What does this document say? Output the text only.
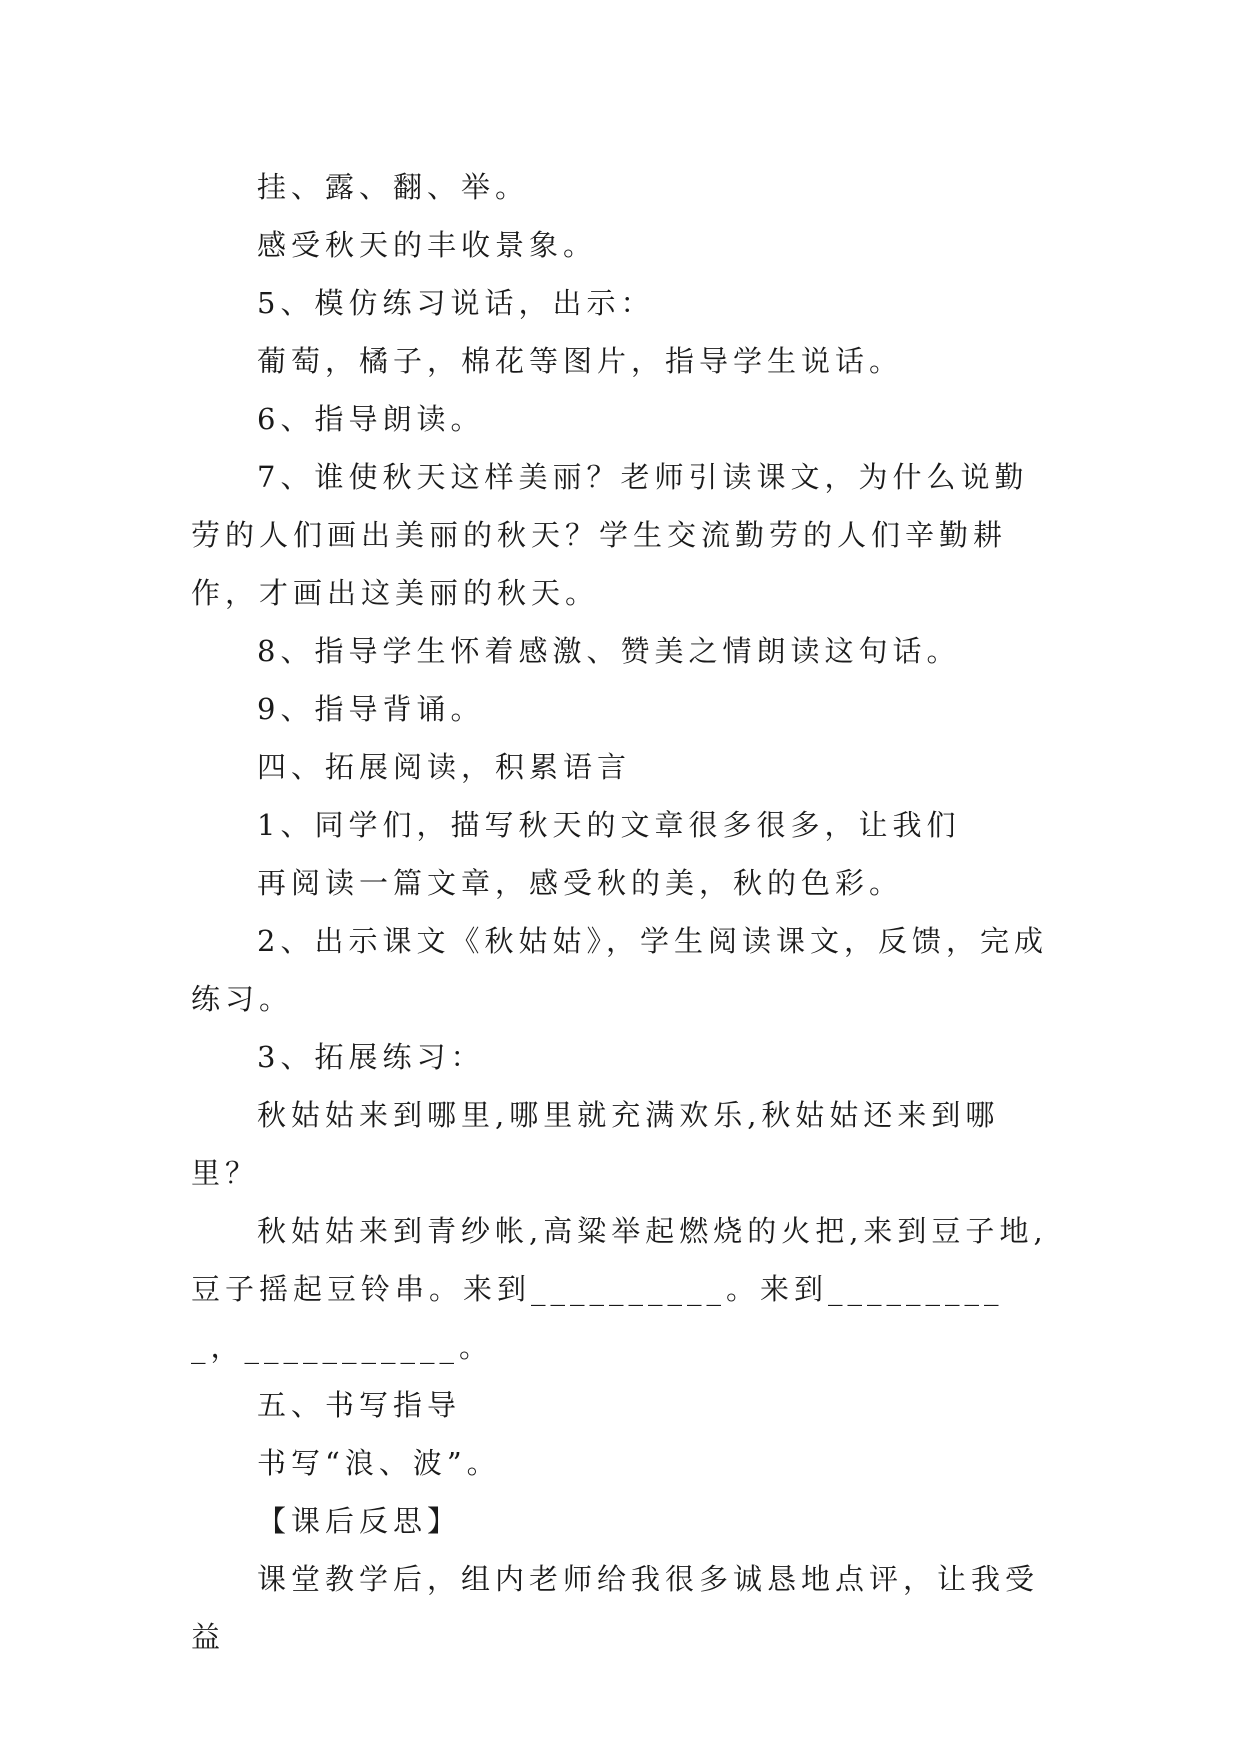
挂、露、翻、举。

感受秋天的丰收景象。

5、模仿练习说话，出示：

葡萄，橘子，棉花等图片，指导学生说话。

6、指导朗读。

7、谁使秋天这样美丽？老师引读课文，为什么说勤劳的人们画出美丽的秋天？学生交流勤劳的人们辛勤耕作，才画出这美丽的秋天。

8、指导学生怀着感激、赞美之情朗读这句话。

9、指导背诵。

四、拓展阅读，积累语言

1、同学们，描写秋天的文章很多很多，让我们

再阅读一篇文章，感受秋的美，秋的色彩。

2、出示课文《秋姑姑》，学生阅读课文，反馈，完成练习。

3、拓展练习：

秋姑姑来到哪里,哪里就充满欢乐,秋姑姑还来到哪里？

秋姑姑来到青纱帐,高粱举起燃烧的火把,来到豆子地,豆子摇起豆铃串。来到__________。来到__________，___________。

五、书写指导

书写“浪、波”。

【课后反思】

课堂教学后，组内老师给我很多诚恳地点评，让我受益
